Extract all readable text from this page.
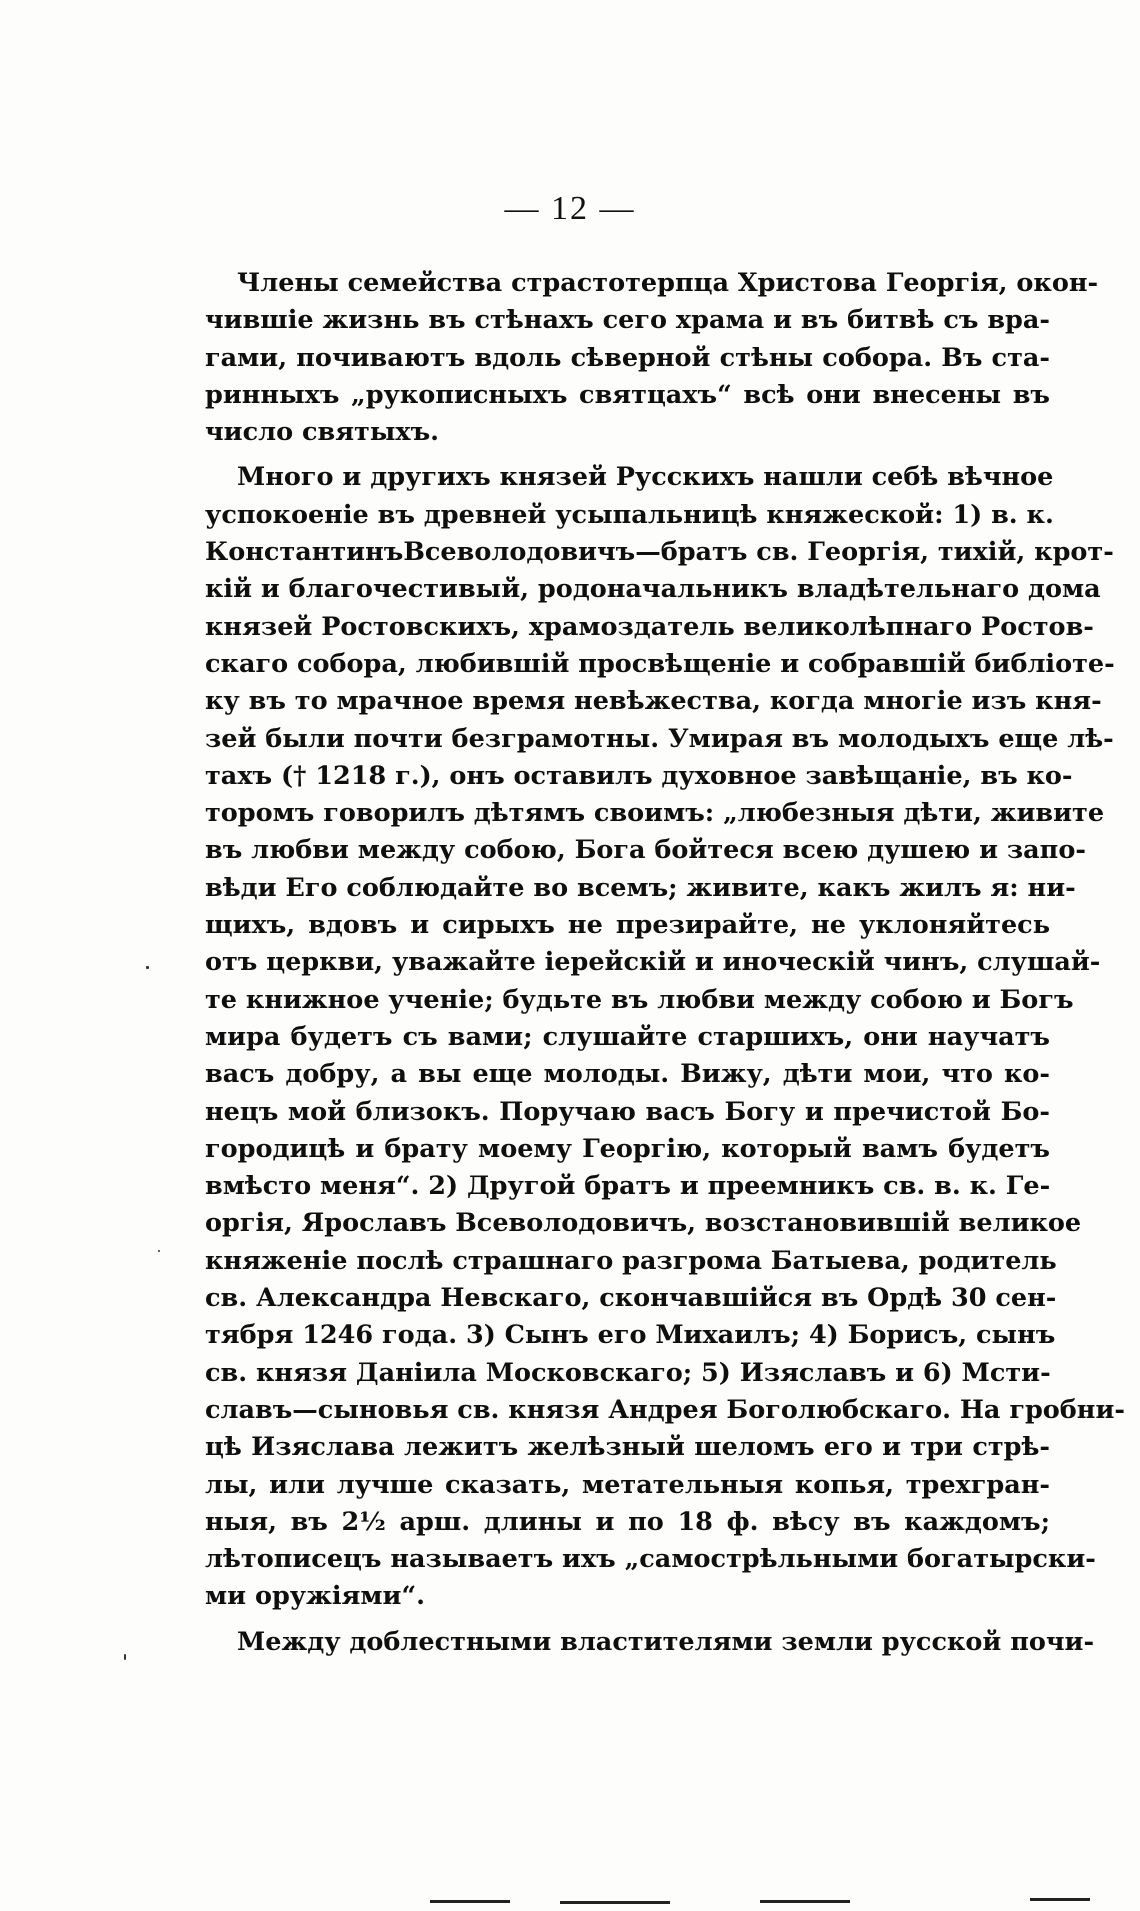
— 12 —
Члены семейства страстотерпца Христова Георгія, окон-
чившіе жизнь въ стѣнахъ сего храма и въ битвѣ съ вра-
гами, почиваютъ вдоль сѣверной стѣны собора. Въ ста-
ринныхъ „рукописныхъ святцахъ“ всѣ они внесены въ
число святыхъ.
Много и другихъ князей Русскихъ нашли себѣ вѣчное
успокоеніе въ древней усыпальницѣ княжеской: 1) в. к.
КонстантинъВсеволодовичъ—братъ св. Георгія, тихій, крот-
кій и благочестивый, родоначальникъ владѣтельнаго дома
князей Ростовскихъ, храмоздатель великолѣпнаго Ростов-
скаго собора, любившій просвѣщеніе и собравшій библіоте-
ку въ то мрачное время невѣжества, когда многіе изъ кня-
зей были почти безграмотны. Умирая въ молодыхъ еще лѣ-
тахъ († 1218 г.), онъ оставилъ духовное завѣщаніе, въ ко-
торомъ говорилъ дѣтямъ своимъ: „любезныя дѣти, живите
въ любви между собою, Бога бойтеся всею душею и запо-
вѣди Его соблюдайте во всемъ; живите, какъ жилъ я: ни-
щихъ, вдовъ и сирыхъ не презирайте, не уклоняйтесь
отъ церкви, уважайте іерейскій и иноческій чинъ, слушай-
те книжное ученіе; будьте въ любви между собою и Богъ
мира будетъ съ вами; слушайте старшихъ, они научатъ
васъ добру, а вы еще молоды. Вижу, дѣти мои, что ко-
нецъ мой близокъ. Поручаю васъ Богу и пречистой Бо-
городицѣ и брату моему Георгію, который вамъ будетъ
вмѣсто меня“. 2) Другой братъ и преемникъ св. в. к. Ге-
оргія, Ярославъ Всеволодовичъ, возстановившій великое
княженіе послѣ страшнаго разгрома Батыева, родитель
св. Александра Невскаго, скончавшійся въ Ордѣ 30 сен-
тября 1246 года. 3) Сынъ его Михаилъ; 4) Борисъ, сынъ
св. князя Даніила Московскаго; 5) Изяславъ и 6) Мсти-
славъ—сыновья св. князя Андрея Боголюбскаго. На гробни-
цѣ Изяслава лежитъ желѣзный шеломъ его и три стрѣ-
лы, или лучше сказать, метательныя копья, трехгран-
ныя, въ 2½ арш. длины и по 18 ф. вѣсу въ каждомъ;
лѣтописецъ называетъ ихъ „самострѣльными богатырски-
ми оружіями“.
Между доблестными властителями земли русской почи-
